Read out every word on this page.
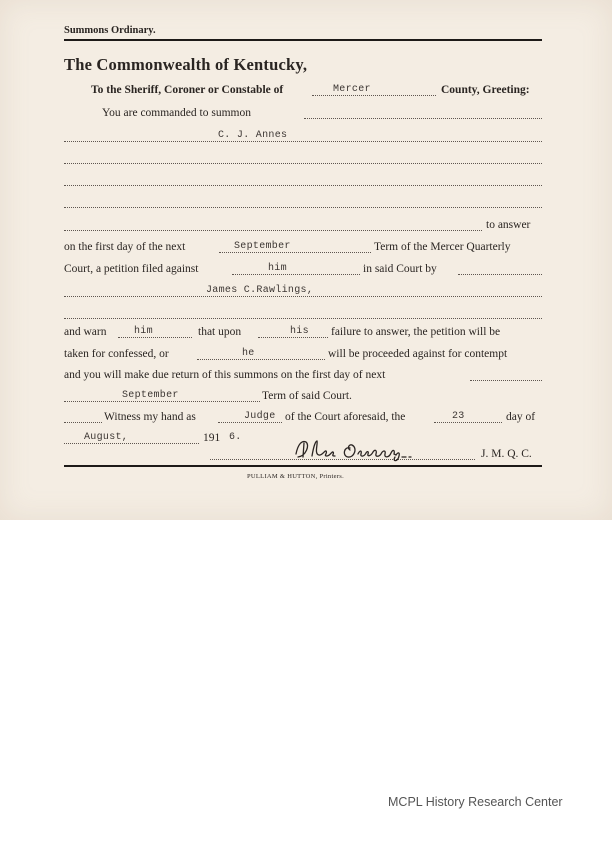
Summons Ordinary.
The Commonwealth of Kentucky,
To the Sheriff, Coroner or Constable of	Mercer	County, Greeting:
You are commanded to summon
C. J. Annes
to answer
on the first day of the next	September	Term of the Mercer Quarterly
Court, a petition filed against	him	in said Court by
James C.Rawlings,
and warn	him	that upon	his failure to answer, the petition will be
taken for confessed, or	he	will be proceeded against for contempt
and you will make due return of this summons on the first day of next
September	Term of said Court.
Witness my hand as	Judge of the Court aforesaid, the	23	day of
August,	191 6.
J. M. Q. C.
PULLIAM & HUTTON, Printers.
MCPL History Research Center
